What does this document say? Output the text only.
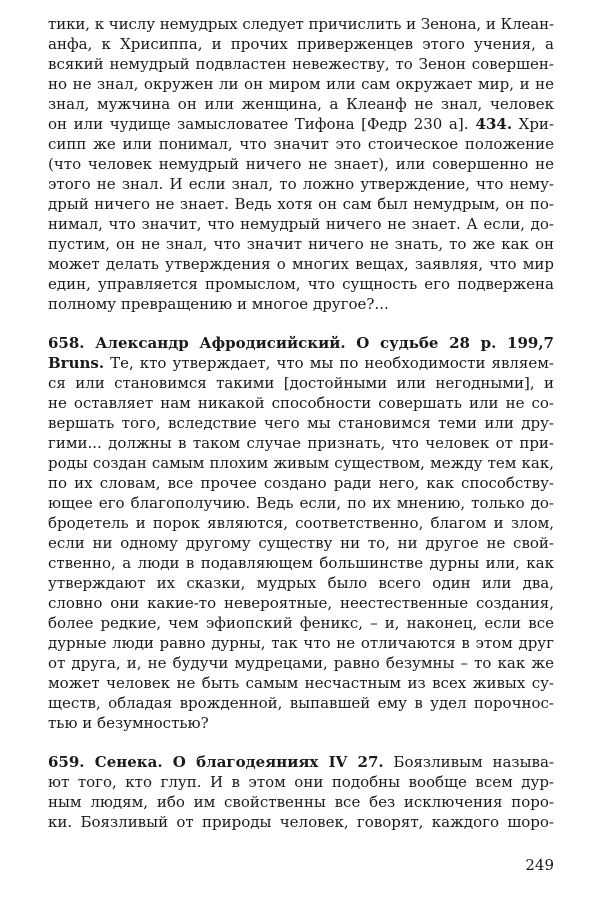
тики, к числу немудрых следует причислить и Зенона, и Клеан-
анфа, к Хрисиппа, и прочих приверженцев этого учения, а
всякий немудрый подвластен невежеству, то Зенон совершен-
но не знал, окружен ли он миром или сам окружает мир, и не
знал, мужчина он или женщина, а Клеанф не знал, человек
он или чудище замысловатее Тифона [Федр 230 а]. 434. Хри-
сипп же или понимал, что значит это стоическое положение
(что человек немудрый ничего не знает), или совершенно не
этого не знал. И если знал, то ложно утверждение, что нему-
дрый ничего не знает. Ведь хотя он сам был немудрым, он по-
нимал, что значит, что немудрый ничего не знает. А если, до-
пустим, он не знал, что значит ничего не знать, то же как он
может делать утверждения о многих вещах, заявляя, что мир
един, управляется промыслом, что сущность его подвержена
полному превращению и многое другое?...
658. Александр Афродисийский. О судьбе 28 p. 199,7
Bruns. Те, кто утверждает, что мы по необходимости являем-
ся или становимся такими [достойными или негодными], и
не оставляет нам никакой способности совершать или не со-
вершать того, вследствие чего мы становимся теми или дру-
гими... должны в таком случае признать, что человек от при-
роды создан самым плохим живым существом, между тем как,
по их словам, все прочее создано ради него, как способству-
ющее его благополучию. Ведь если, по их мнению, только до-
бродетель и порок являются, соответственно, благом и злом,
если ни одному другому существу ни то, ни другое не свой-
ственно, а люди в подавляющем большинстве дурны или, как
утверждают их сказки, мудрых было всего один или два,
словно они какие-то невероятные, неестественные создания,
более редкие, чем эфиопский феникс, – и, наконец, если все
дурные люди равно дурны, так что не отличаются в этом друг
от друга, и, не будучи мудрецами, равно безумны – то как же
может человек не быть самым несчастным из всех живых су-
ществ, обладая врожденной, выпавшей ему в удел порочнос-
тью и безумностью?
659. Сенека. О благодеяниях IV 27. Боязливым называ-
ют того, кто глуп. И в этом они подобны вообще всем дур-
ным людям, ибо им свойственны все без исключения поро-
ки. Боязливый от природы человек, говорят, каждого шоро-
249
